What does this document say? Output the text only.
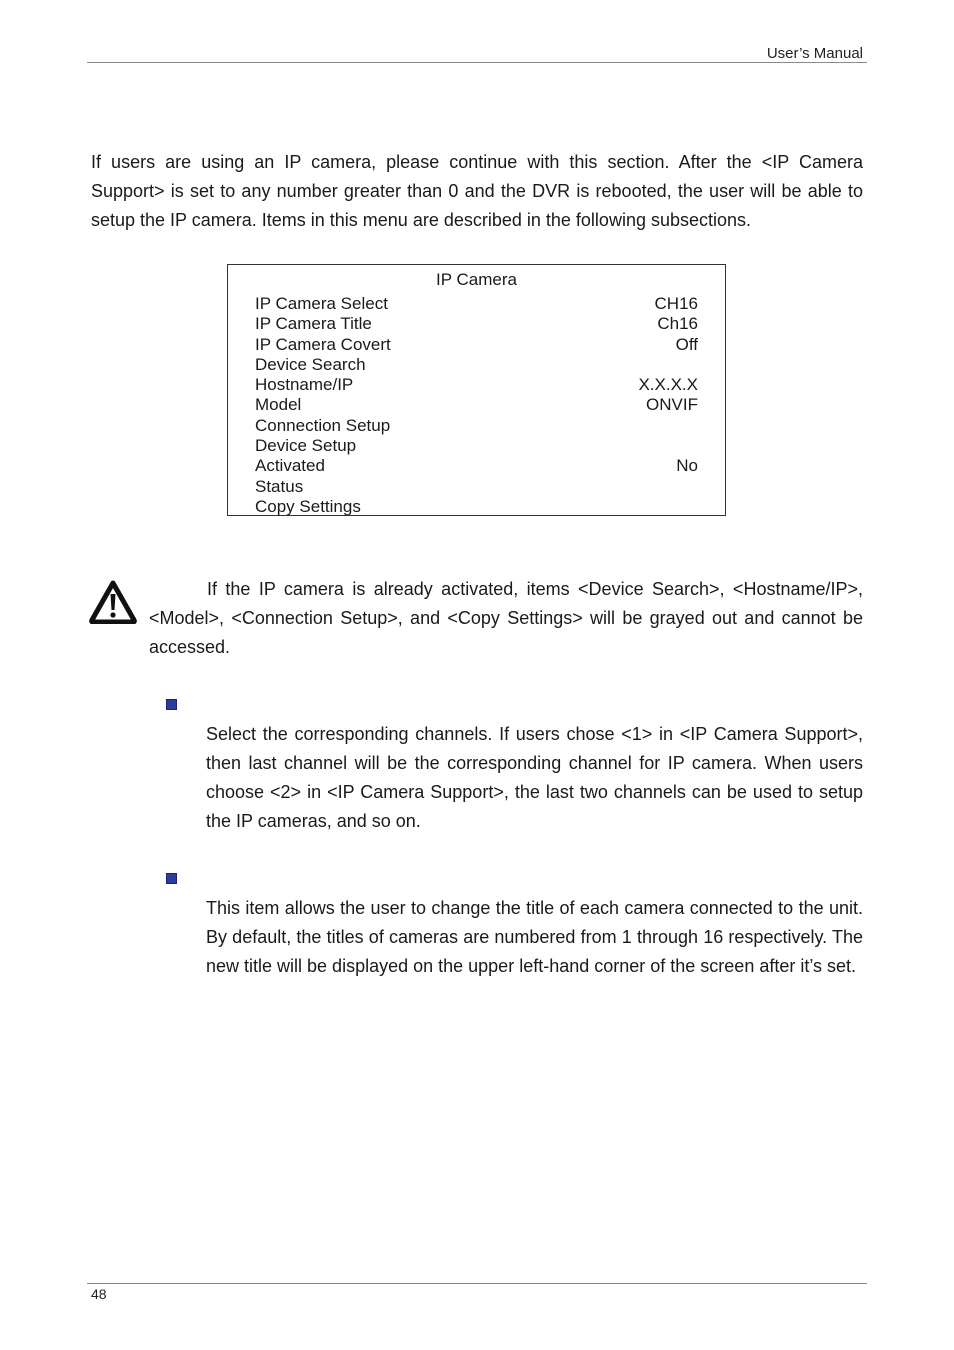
User’s Manual

If users are using an IP camera, please continue with this section. After the <IP Camera Support> is set to any number greater than 0 and the DVR is rebooted, the user will be able to setup the IP camera. Items in this menu are described in the following subsections.

IP Camera
IP Camera Select	CH16
IP Camera Title	Ch16
IP Camera Covert	Off
Device Search
Hostname/IP	X.X.X.X
Model	ONVIF
Connection Setup
Device Setup
Activated	No
Status
Copy Settings

If the IP camera is already activated, items <Device Search>, <Hostname/IP>, <Model>, <Connection Setup>, and <Copy Settings> will be grayed out and cannot be accessed.

Select the corresponding channels. If users chose <1> in <IP Camera Support>, then last channel will be the corresponding channel for IP camera. When users choose <2> in <IP Camera Support>, the last two channels can be used to setup the IP cameras, and so on.

This item allows the user to change the title of each camera connected to the unit. By default, the titles of cameras are numbered from 1 through 16 respectively. The new title will be displayed on the upper left-hand corner of the screen after it’s set.

48
